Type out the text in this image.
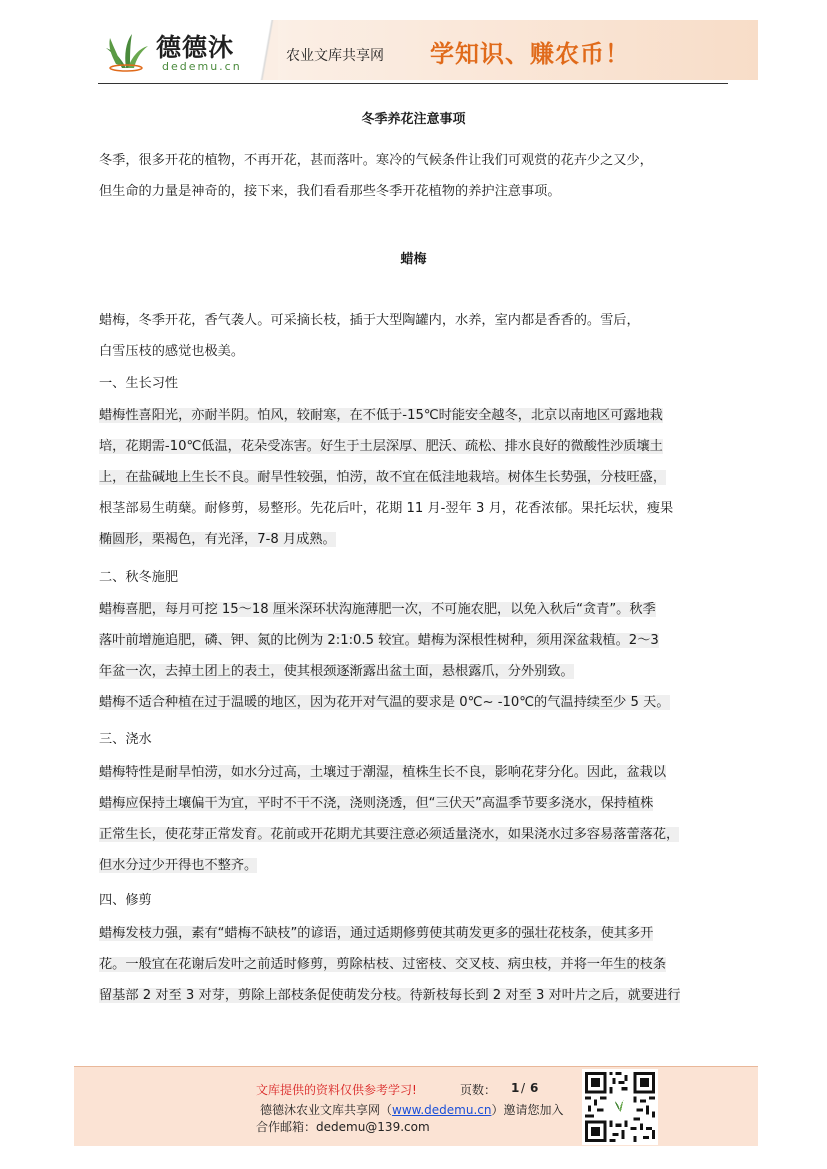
德德沐
dedemu.cn
农业文库共享网 学知识、赚农币！
冬季养花注意事项
冬季，很多开花的植物，不再开花，甚而落叶。寒冷的气候条件让我们可观赏的花卉少之又少，
但生命的力量是神奇的，接下来，我们看看那些冬季开花植物的养护注意事项。
蜡梅
蜡梅，冬季开花，香气袭人。可采摘长枝，插于大型陶罐内，水养，室内都是香香的。雪后，
白雪压枝的感觉也极美。
一、生长习性
蜡梅性喜阳光，亦耐半阴。怕风，较耐寒，在不低于-15℃时能安全越冬，北京以南地区可露地栽
培，花期需-10℃低温，花朵受冻害。好生于土层深厚、肥沃、疏松、排水良好的微酸性沙质壤土
上，在盐碱地上生长不良。耐旱性较强，怕涝，故不宜在低洼地栽培。树体生长势强，分枝旺盛，
根茎部易生萌蘖。耐修剪，易整形。先花后叶，花期 11 月-翌年 3 月，花香浓郁。果托坛状，瘦果
椭圆形，栗褐色，有光泽，7-8 月成熟。
二、秋冬施肥
蜡梅喜肥，每月可挖 15～18 厘米深环状沟施薄肥一次，不可施农肥，以免入秋后“贪青”。秋季
落叶前增施追肥，磷、钾、氮的比例为 2:1:0.5 较宜。蜡梅为深根性树种，须用深盆栽植。2～3
年盆一次，去掉土团上的表土，使其根颈逐渐露出盆土面，悬根露爪，分外别致。
蜡梅不适合种植在过于温暖的地区，因为花开对气温的要求是 0℃~ -10℃的气温持续至少 5 天。
三、浇水
蜡梅特性是耐旱怕涝，如水分过高，土壤过于潮湿，植株生长不良，影响花芽分化。因此，盆栽以
蜡梅应保持土壤偏干为宜，平时不干不浇，浇则浇透，但“三伏天”高温季节要多浇水，保持植株
正常生长，使花芽正常发育。花前或开花期尤其要注意必须适量浇水，如果浇水过多容易落蕾落花，
但水分过少开得也不整齐。
四、修剪
蜡梅发枝力强，素有“蜡梅不缺枝”的谚语，通过适期修剪使其萌发更多的强壮花枝条，使其多开
花。一般宜在花谢后发叶之前适时修剪，剪除枯枝、过密枝、交叉枝、病虫枝，并将一年生的枝条
留基部 2 对至 3 对芽，剪除上部枝条促使萌发分枝。待新枝每长到 2 对至 3 对叶片之后，就要进行
文库提供的资料仅供参考学习!	页数： 1 / 6
德德沐农业文库共享网（www.dedemu.cn）邀请您加入
合作邮箱：dedemu@139.com
